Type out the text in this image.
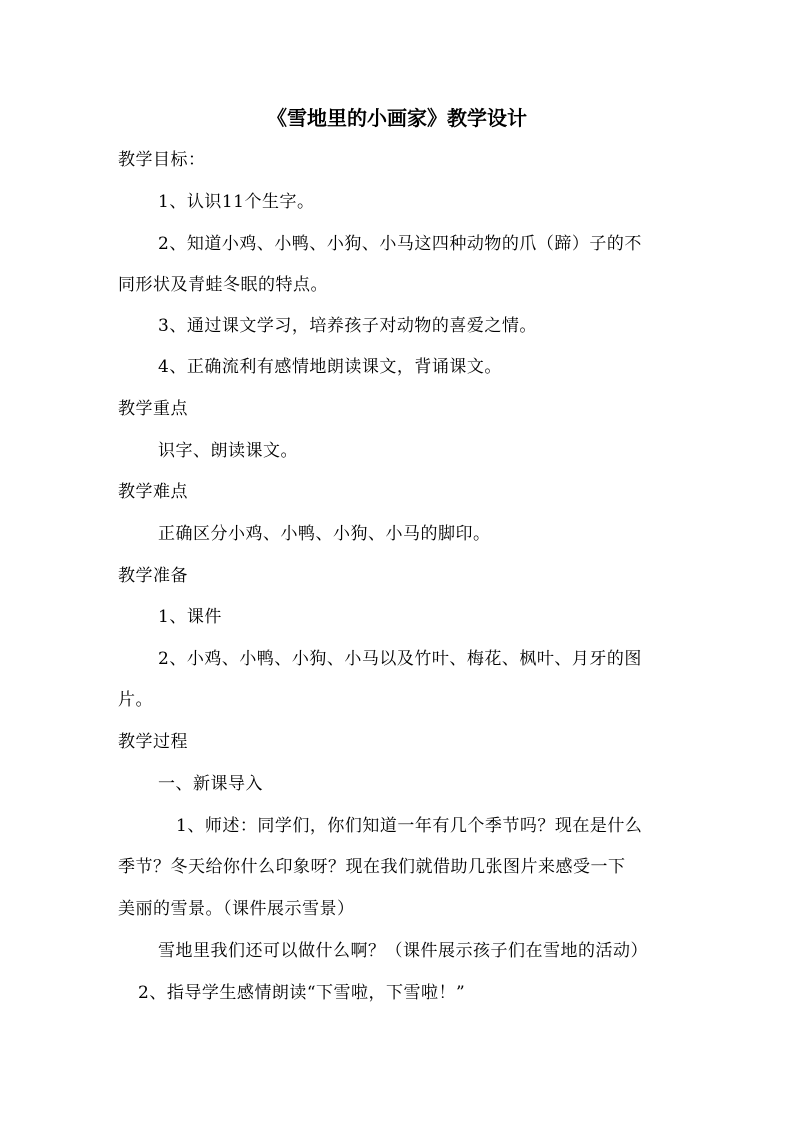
《雪地里的小画家》教学设计
教学目标：
1、认识11个生字。
2、知道小鸡、小鸭、小狗、小马这四种动物的爪（蹄）子的不
同形状及青蛙冬眠的特点。
3、通过课文学习，培养孩子对动物的喜爱之情。
4、正确流利有感情地朗读课文，背诵课文。
教学重点
识字、朗读课文。
教学难点
正确区分小鸡、小鸭、小狗、小马的脚印。
教学准备
1、课件
2、小鸡、小鸭、小狗、小马以及竹叶、梅花、枫叶、月牙的图
片。
教学过程
一、新课导入
1、师述：同学们，你们知道一年有几个季节吗？现在是什么
季节？冬天给你什么印象呀？现在我们就借助几张图片来感受一下
美丽的雪景。（课件展示雪景）
雪地里我们还可以做什么啊？（课件展示孩子们在雪地的活动）
2、指导学生感情朗读“下雪啦，下雪啦！”
